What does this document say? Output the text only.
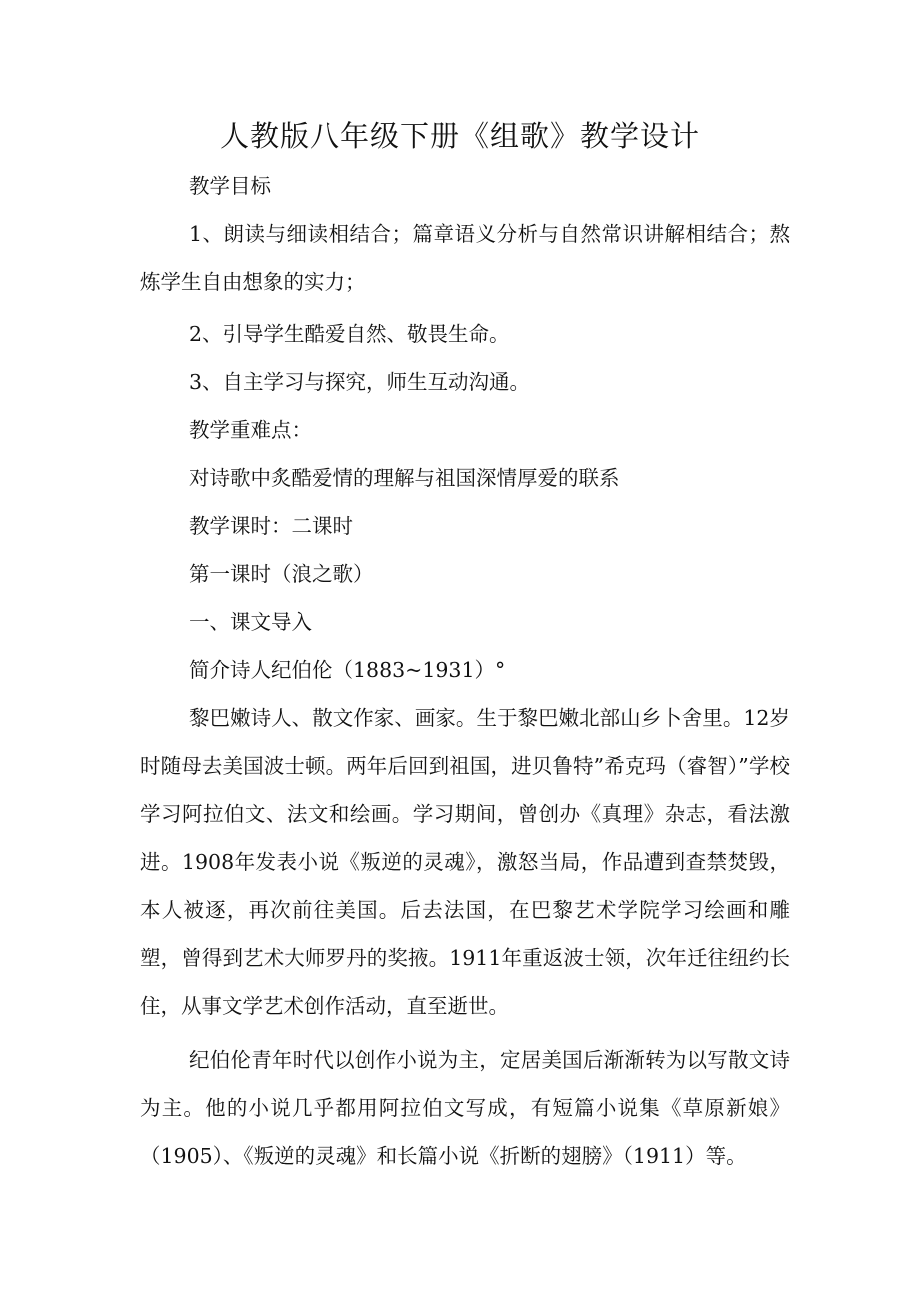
人教版八年级下册《组歌》教学设计

教学目标

1、朗读与细读相结合；篇章语义分析与自然常识讲解相结合；熬炼学生自由想象的实力；

2、引导学生酷爱自然、敬畏生命。

3、自主学习与探究，师生互动沟通。

教学重难点：

对诗歌中炙酷爱情的理解与祖国深情厚爱的联系

教学课时：二课时

第一课时（浪之歌）

一、课文导入

简介诗人纪伯伦（1883~1931）°

黎巴嫩诗人、散文作家、画家。生于黎巴嫩北部山乡卜舍里。12岁时随母去美国波士顿。两年后回到祖国，进贝鲁特”希克玛（睿智）”学校学习阿拉伯文、法文和绘画。学习期间，曾创办《真理》杂志，看法激进。1908年发表小说《叛逆的灵魂》，激怒当局，作品遭到查禁焚毁，本人被逐，再次前往美国。后去法国，在巴黎艺术学院学习绘画和雕塑，曾得到艺术大师罗丹的奖掖。1911年重返波士领，次年迁往纽约长住，从事文学艺术创作活动，直至逝世。

纪伯伦青年时代以创作小说为主，定居美国后渐渐转为以写散文诗为主。他的小说几乎都用阿拉伯文写成，有短篇小说集《草原新娘》（1905）、《叛逆的灵魂》和长篇小说《折断的翅膀》（1911）等。
